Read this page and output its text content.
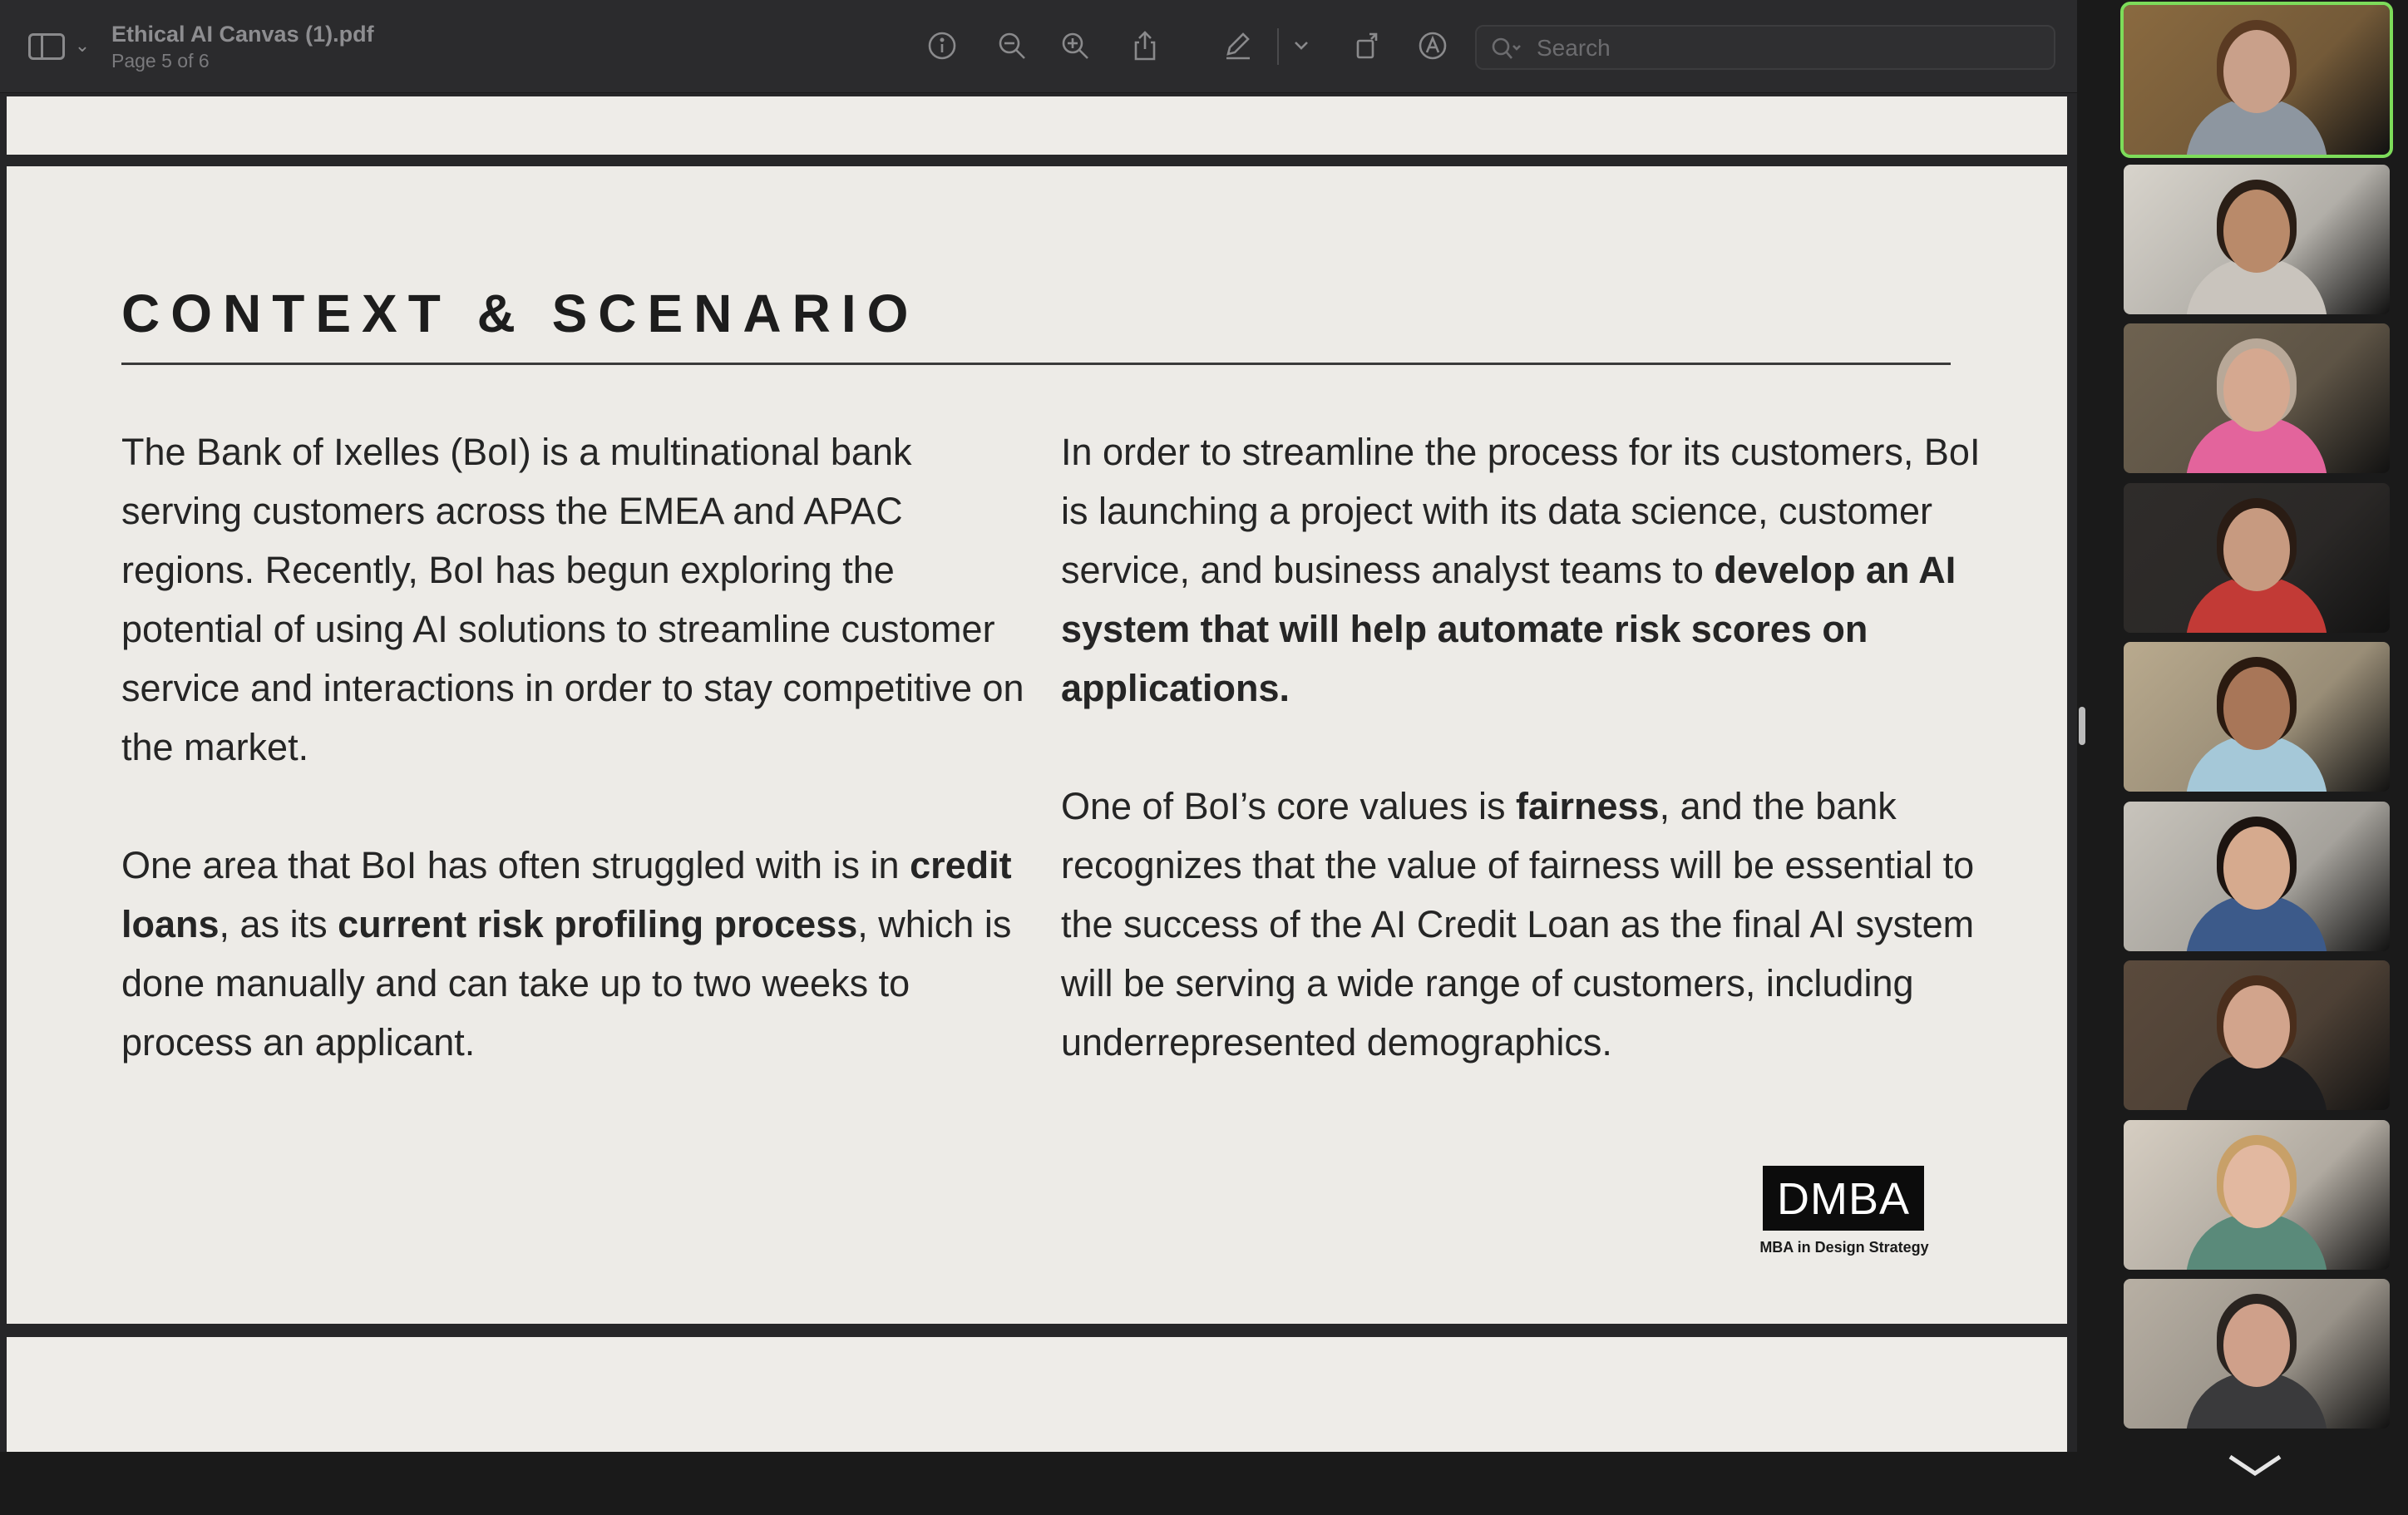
⌄ Ethical AI Canvas (1).pdf
Page 5 of 6
Search
CONTEXT & SCENARIO

The Bank of Ixelles (BoI) is a multinational bank serving customers across the EMEA and APAC regions. Recently, BoI has begun exploring the potential of using AI solutions to streamline customer service and interactions in order to stay competitive on the market.

One area that BoI has often struggled with is in credit loans, as its current risk profiling process, which is done manually and can take up to two weeks to process an applicant.

In order to streamline the process for its customers, BoI is launching a project with its data science, customer service, and business analyst teams to develop an AI system that will help automate risk scores on applications.

One of BoI’s core values is fairness, and the bank recognizes that the value of fairness will be essential to the success of the AI Credit Loan as the final AI system will be serving a wide range of customers, including underrepresented demographics.

DMBA
MBA in Design Strategy
